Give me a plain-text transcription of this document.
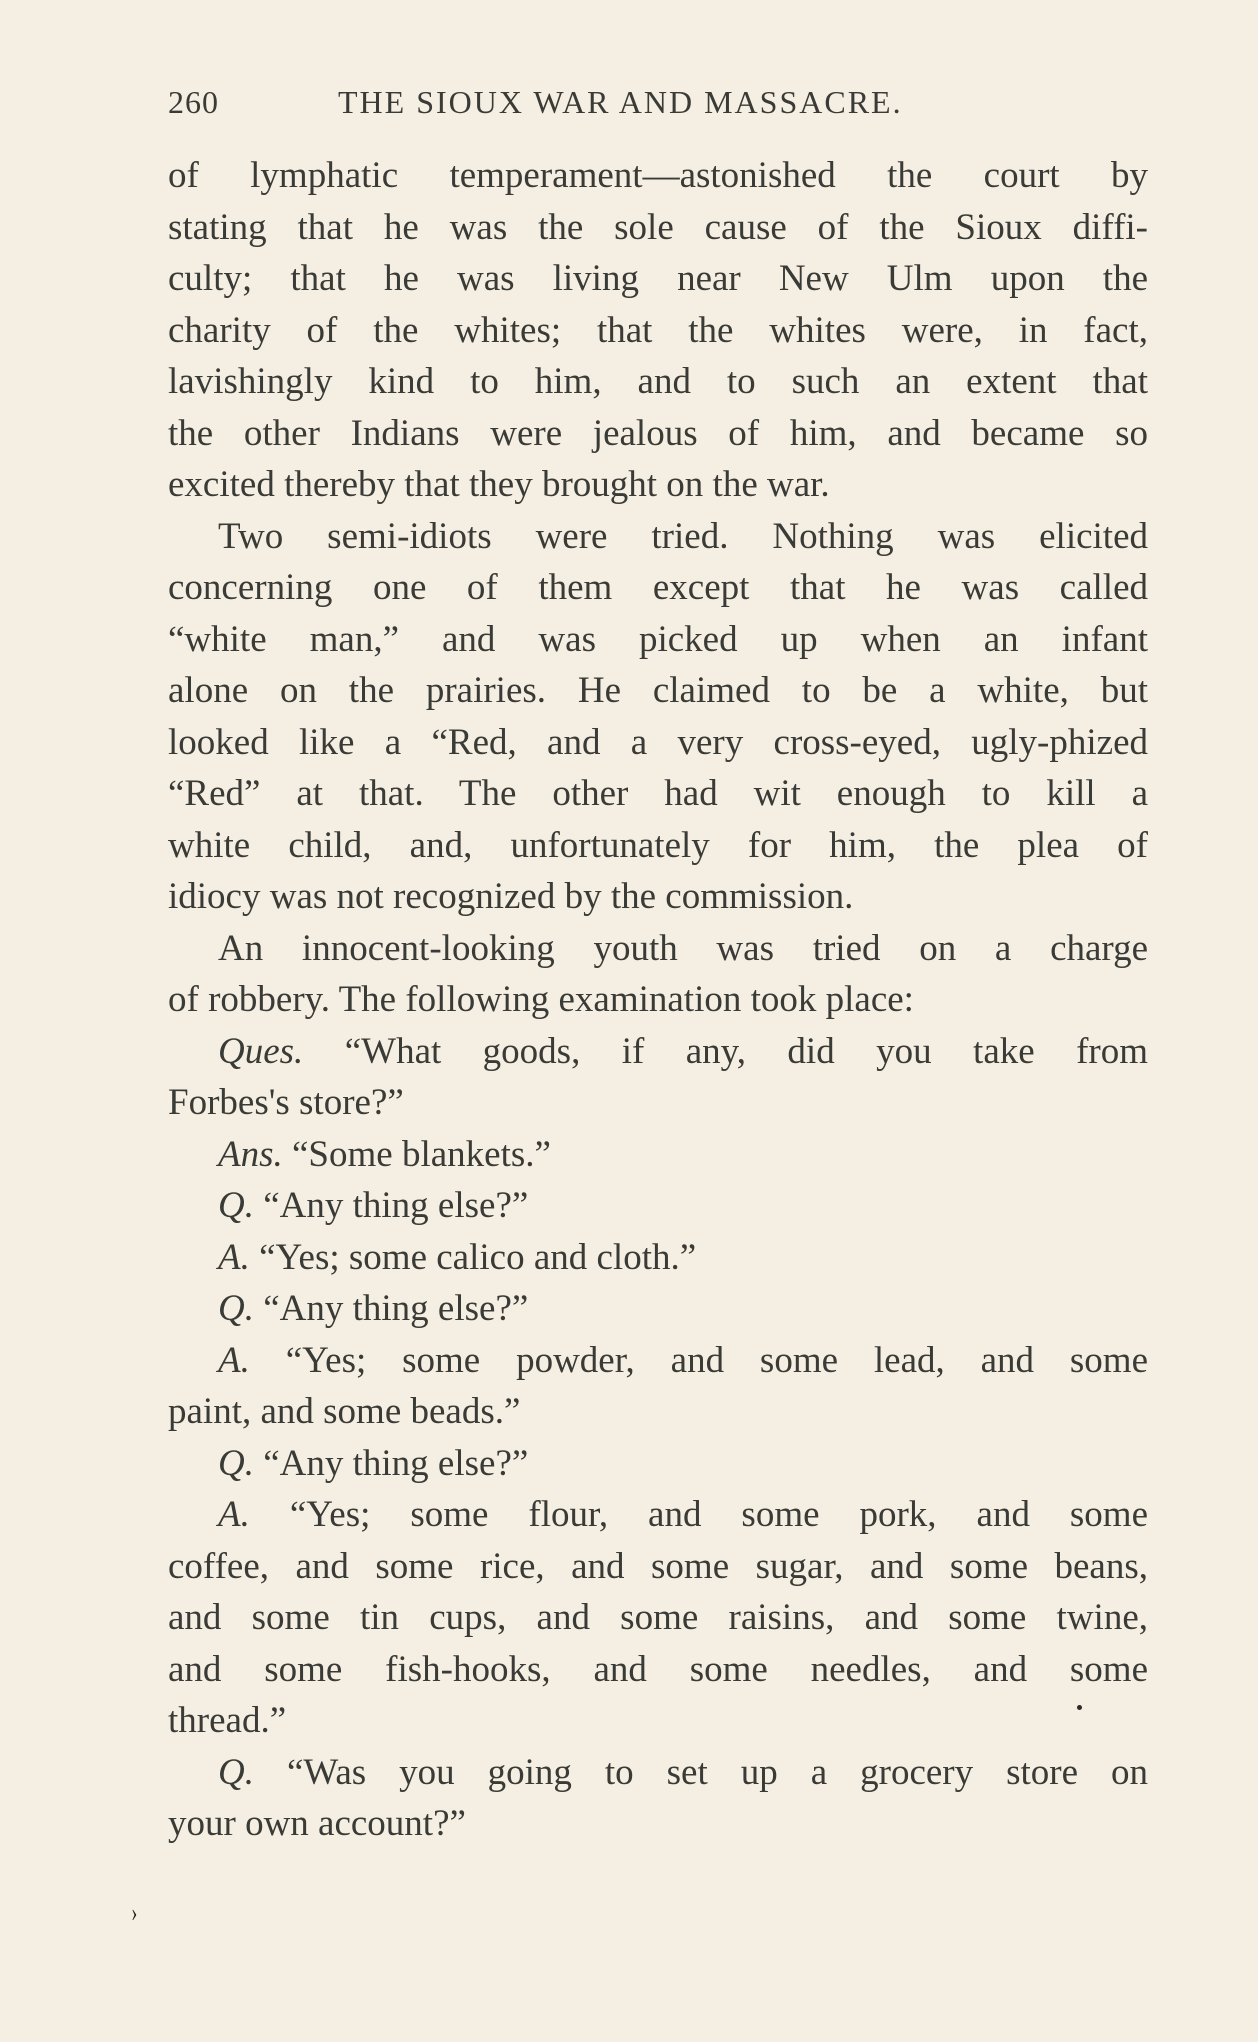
260	THE SIOUX WAR AND MASSACRE.
of lymphatic temperament—astonished the court by
stating that he was the sole cause of the Sioux diffi-
culty; that he was living near New Ulm upon the
charity of the whites; that the whites were, in fact,
lavishingly kind to him, and to such an extent that
the other Indians were jealous of him, and became so
excited thereby that they brought on the war.
Two semi-idiots were tried. Nothing was elicited
concerning one of them except that he was called
“white man,” and was picked up when an infant
alone on the prairies. He claimed to be a white, but
looked like a “Red, and a very cross-eyed, ugly-phized
“Red” at that. The other had wit enough to kill a
white child, and, unfortunately for him, the plea of
idiocy was not recognized by the commission.
An innocent-looking youth was tried on a charge
of robbery. The following examination took place:
Ques. “What goods, if any, did you take from
Forbes's store?”
Ans. “Some blankets.”
Q. “Any thing else?”
A. “Yes; some calico and cloth.”
Q. “Any thing else?”
A. “Yes; some powder, and some lead, and some
paint, and some beads.”
Q. “Any thing else?”
A. “Yes; some flour, and some pork, and some
coffee, and some rice, and some sugar, and some beans,
and some tin cups, and some raisins, and some twine,
and some fish-hooks, and some needles, and some
thread.”
Q. “Was you going to set up a grocery store on
your own account?”
›
